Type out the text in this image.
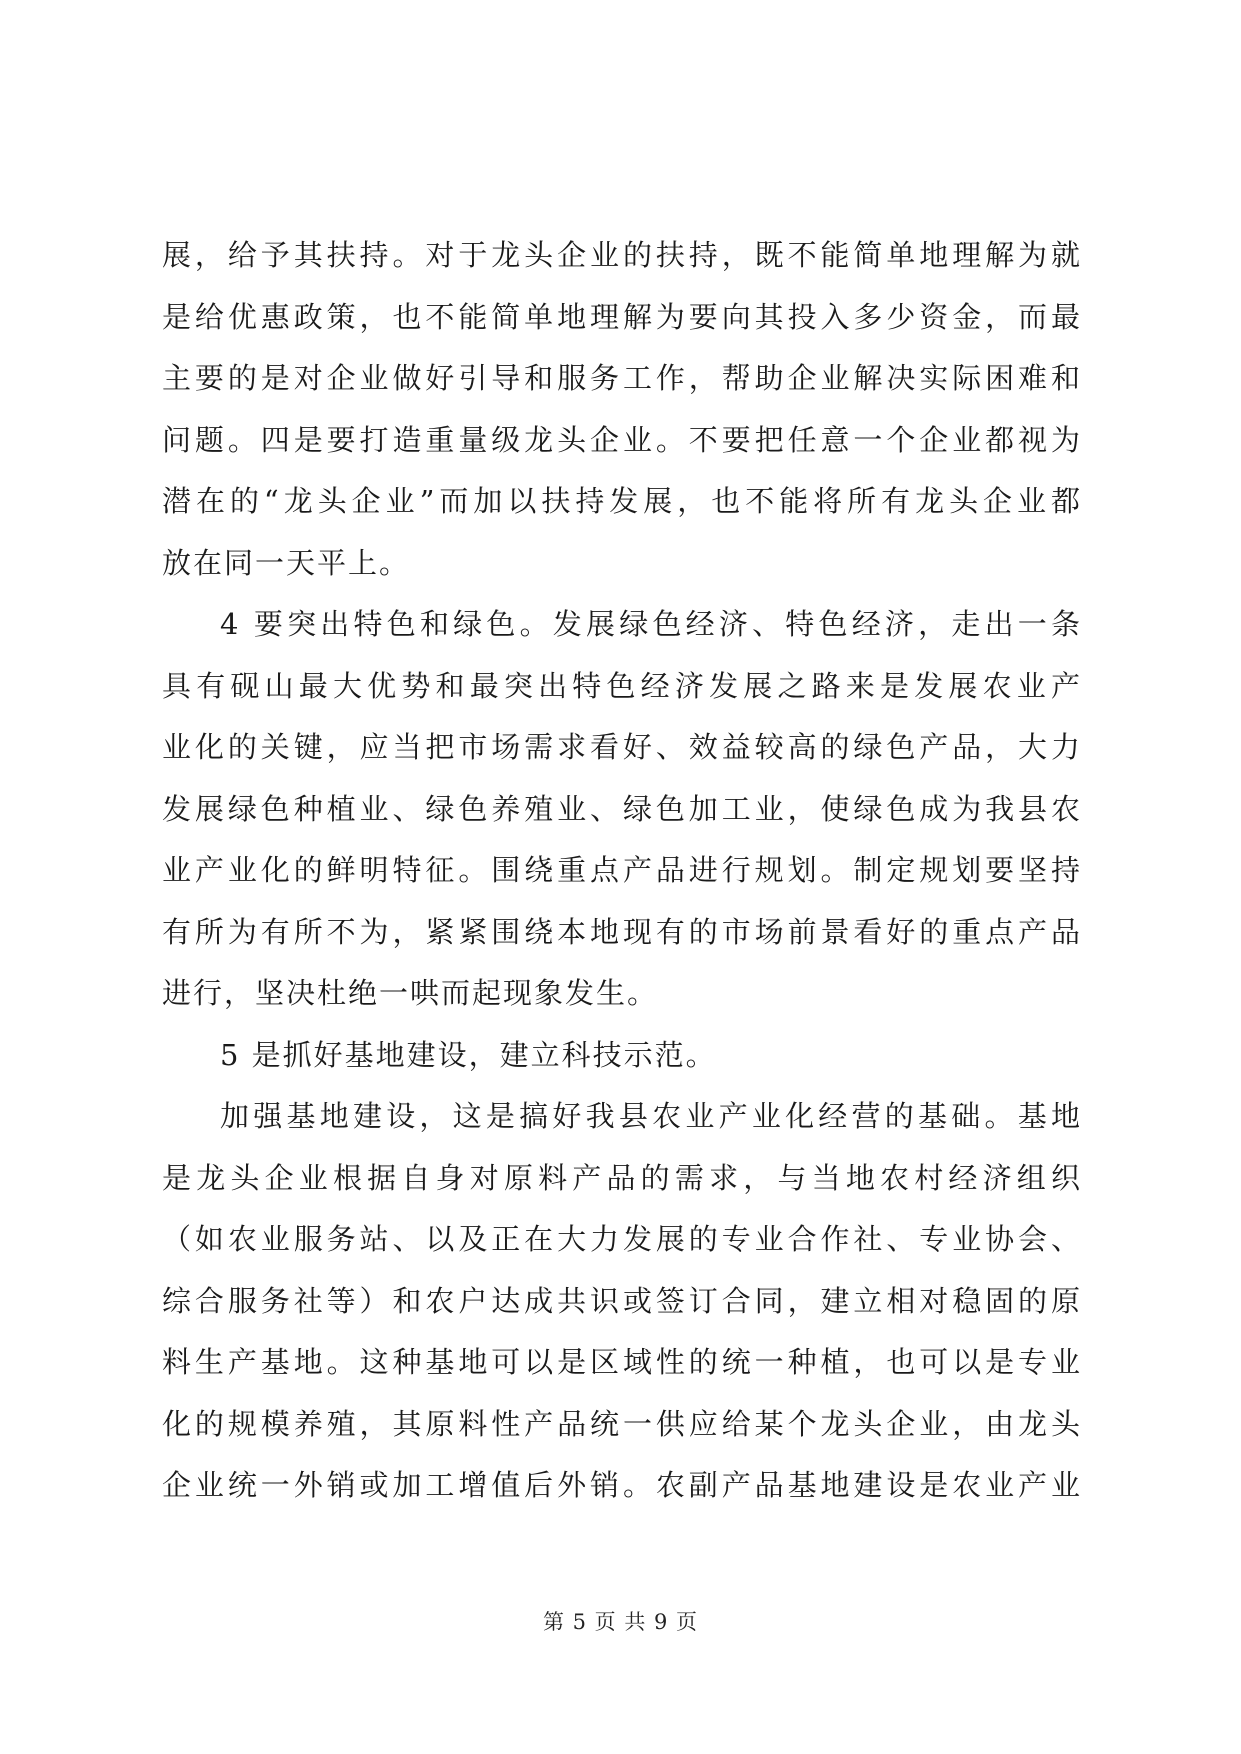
展，给予其扶持。对于龙头企业的扶持，既不能简单地理解为就
是给优惠政策，也不能简单地理解为要向其投入多少资金，而最
主要的是对企业做好引导和服务工作，帮助企业解决实际困难和
问题。四是要打造重量级龙头企业。不要把任意一个企业都视为
潜在的“龙头企业”而加以扶持发展，也不能将所有龙头企业都
放在同一天平上。
4 要突出特色和绿色。发展绿色经济、特色经济，走出一条
具有砚山最大优势和最突出特色经济发展之路来是发展农业产
业化的关键，应当把市场需求看好、效益较高的绿色产品，大力
发展绿色种植业、绿色养殖业、绿色加工业，使绿色成为我县农
业产业化的鲜明特征。围绕重点产品进行规划。制定规划要坚持
有所为有所不为，紧紧围绕本地现有的市场前景看好的重点产品
进行，坚决杜绝一哄而起现象发生。
5 是抓好基地建设，建立科技示范。
加强基地建设，这是搞好我县农业产业化经营的基础。基地
是龙头企业根据自身对原料产品的需求，与当地农村经济组织
（如农业服务站、以及正在大力发展的专业合作社、专业协会、
综合服务社等）和农户达成共识或签订合同，建立相对稳固的原
料生产基地。这种基地可以是区域性的统一种植，也可以是专业
化的规模养殖，其原料性产品统一供应给某个龙头企业，由龙头
企业统一外销或加工增值后外销。农副产品基地建设是农业产业
第 5 页 共 9 页
